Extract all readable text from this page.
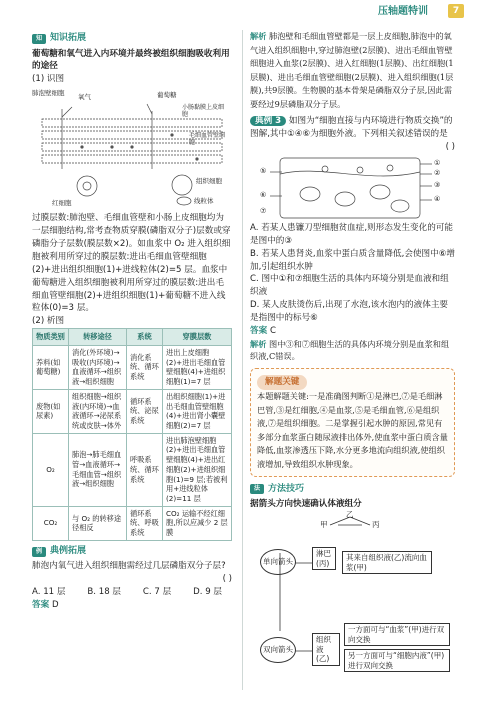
压轴题特训	7
知 知识拓展

葡萄糖和氧气进入内环境并最终被组织细胞吸收利用的途径

(1) 识图

肺泡壁细胞 氧气	葡萄糖
小肠黏膜上皮细胞
毛细血管壁细胞
红细胞
组织细胞
线粒体

过膜层数:肺泡壁、毛细血管壁和小肠上皮细胞均为一层细胞结构,常考查物质穿膜(磷脂双分子)层数或穿磷脂分子层数(膜层数×2)。如血浆中 O₂ 进入组织细胞被利用所穿过的膜层数:进出毛细血管壁细胞(2)+进出组织细胞(1)+进线粒体(2)=5 层。血浆中葡萄糖进入组织细胞被利用所穿过的膜层数:进出毛细血管壁细胞(2)+进组织细胞(1)+葡萄糖不进入线粒体(0)=3 层。

(2) 析图

物质类别	转移途径	系统	穿膜层数
养料(如葡萄糖)	消化(外环境)→吸收(内环境)→血液循环→组织液→组织细胞	消化系统、循环系统	进出上皮细胞(2)+进出毛细血管壁细胞(4)+进组织细胞(1)=7 层
废物(如尿素)	组织细胞→组织液(内环境)→血液循环→泌尿系统或皮肤→体外	循环系统、泌尿系统	出组织细胞(1)+进出毛细血管壁细胞(4)+进出肾小囊壁细胞(2)=7 层
O₂	肺泡→肺毛细血管→血液循环→毛细血管→组织液→组织细胞	呼吸系统、循环系统	进出肺泡壁细胞(2)+进出毛细血管壁细胞(4)+进出红细胞(2)+进组织细胞(1)=9 层;若被利用+进线粒体(2)=11 层
CO₂	与 O₂ 的转移途径相反	循环系统、呼吸系统	CO₂ 运输不经红细胞,所以应减少 2 层膜
例 典例拓展

肺泡内氧气进入组织细胞需经过几层磷脂双分子层?

( )

A. 11 层	B. 18 层	C. 7 层	D. 9 层

答案 D

解析 肺泡壁和毛细血管壁都是一层上皮细胞,肺泡中的氧气进入组织细胞中,穿过肺泡壁(2层膜)、进出毛细血管壁细胞进入血浆(2层膜)、进入红细胞(1层膜)、出红细胞(1层膜)、进出毛细血管壁细胞(2层膜)、进入组织细胞(1层膜),共9层膜。生物膜的基本骨架是磷脂双分子层,因此需要经过9层磷脂双分子层。

典例 3 如图为“细胞直接与内环境进行物质交换”的图解,其中①④⑥为细胞外液。下列相关叙述错误的是

( )

①
②
③
④
⑤
⑥
⑦

A. 若某人患镰刀型细胞贫血症,则形态发生变化的可能是图中的③

B. 若某人患肾炎,血浆中蛋白质含量降低,会使图中⑥增加,引起组织水肿

C. 图中①和⑦细胞生活的具体内环境分别是血液和组织液

D. 某人皮肤烫伤后,出现了水泡,该水泡内的液体主要是指图中的标号⑥

答案 C

解析 图中③和⑦细胞生活的具体内环境分别是血浆和组织液,C错误。

解题关键

本题解题关键:一是准确图判断①是淋巴,⑦是毛细淋巴管,③是红细胞,④是血浆,⑤是毛细血管,⑥是组织液,⑦是组织细胞。二是掌握引起水肿的原因,常见有多部分血浆蛋白随尿液排出体外,使血浆中蛋白质含量降低,血浆渗透压下降,水分更多地流向组织液,使组织液增加,导致组织水肿现象。

法 方法技巧

据箭头方向快速确认体液组分

甲
乙
丙
单向箭头
淋巴(丙)
其来自组织液(乙)流向血浆(甲)
双向箭头
组织液(乙)
一方面可与“血浆”(甲)进行双向交换
另一方面可与“细胞内液”(甲)进行双向交换
